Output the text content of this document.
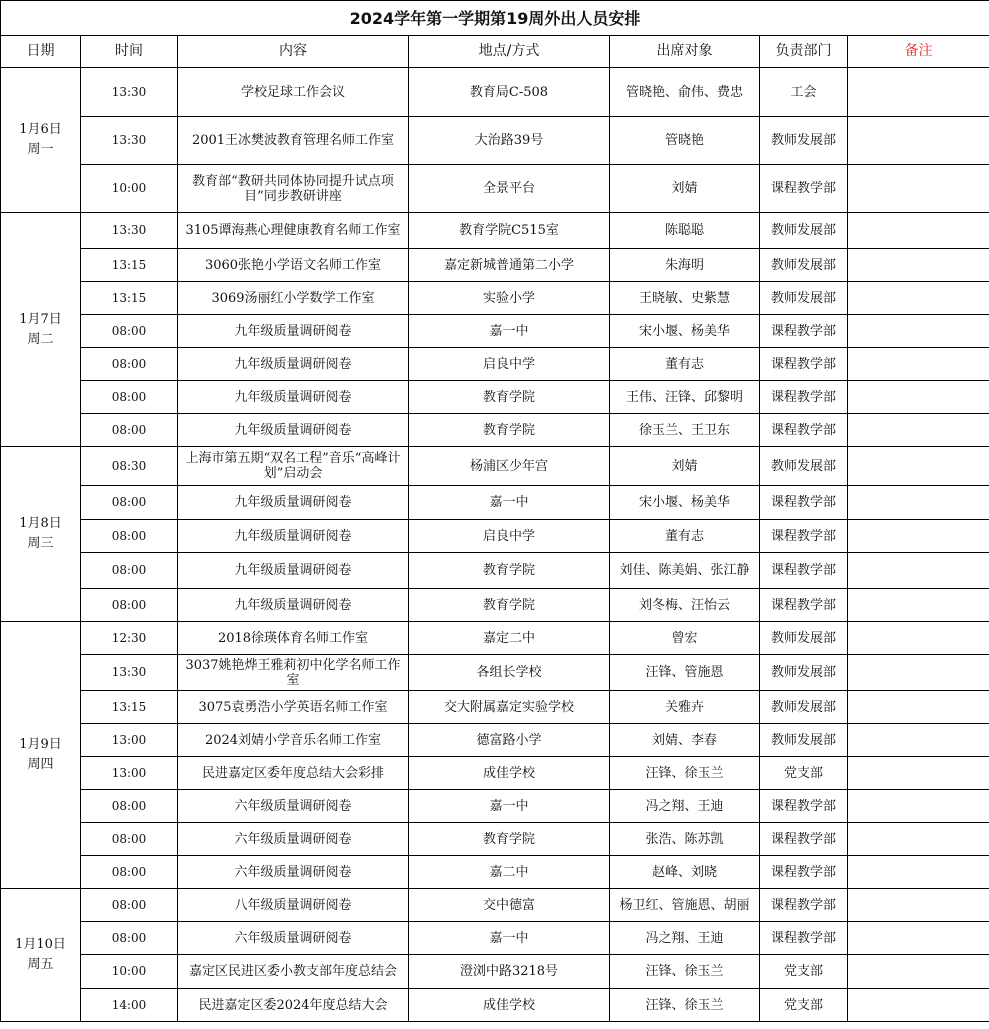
2024学年第一学期第19周外出人员安排						
日期	时间	内容	地点/方式	出席对象	负责部门	备注

1月6日
周一	13:30	学校足球工作会议	教育局C-508	管晓艳、俞伟、费忠	工会	
	13:30	2001王冰樊波教育管理名师工作室	大治路39号	管晓艳	教师发展部	
	10:00	教育部“教研共同体协同提升试点项目”同步教研讲座	全景平台	刘婧	课程教学部	

1月7日
周二	13:30	3105谭海燕心理健康教育名师工作室	教育学院C515室	陈聪聪	教师发展部	
	13:15	3060张艳小学语文名师工作室	嘉定新城普通第二小学	朱海明	教师发展部	
	13:15	3069汤丽红小学数学工作室	实验小学	王晓敏、史紫慧	教师发展部	
	08:00	九年级质量调研阅卷	嘉一中	宋小堰、杨美华	课程教学部	
	08:00	九年级质量调研阅卷	启良中学	董有志	课程教学部	
	08:00	九年级质量调研阅卷	教育学院	王伟、汪锋、邱黎明	课程教学部	
	08:00	九年级质量调研阅卷	教育学院	徐玉兰、王卫东	课程教学部	

1月8日
周三	08:30	上海市第五期“双名工程”音乐“高峰计划”启动会	杨浦区少年宫	刘婧	教师发展部	
	08:00	九年级质量调研阅卷	嘉一中	宋小堰、杨美华	课程教学部	
	08:00	九年级质量调研阅卷	启良中学	董有志	课程教学部	
	08:00	九年级质量调研阅卷	教育学院	刘佳、陈美娟、张江静	课程教学部	
	08:00	九年级质量调研阅卷	教育学院	刘冬梅、汪怡云	课程教学部	

1月9日
周四	12:30	2018徐瑛体育名师工作室	嘉定二中	曾宏	教师发展部	
	13:30	3037姚艳烨王雅莉初中化学名师工作室	各组长学校	汪锋、管施恩	教师发展部	
	13:15	3075袁勇浩小学英语名师工作室	交大附属嘉定实验学校	关雅卉	教师发展部	
	13:00	2024刘婧小学音乐名师工作室	德富路小学	刘婧、李春	教师发展部	
	13:00	民进嘉定区委年度总结大会彩排	成佳学校	汪锋、徐玉兰	党支部	
	08:00	六年级质量调研阅卷	嘉一中	冯之翔、王迪	课程教学部	
	08:00	六年级质量调研阅卷	教育学院	张浩、陈苏凯	课程教学部	
	08:00	六年级质量调研阅卷	嘉二中	赵峰、刘晓	课程教学部	

1月10日
周五	08:00	八年级质量调研阅卷	交中德富	杨卫红、管施恩、胡丽	课程教学部	
	08:00	六年级质量调研阅卷	嘉一中	冯之翔、王迪	课程教学部	
	10:00	嘉定区民进区委小教支部年度总结会	澄浏中路3218号	汪锋、徐玉兰	党支部	
	14:00	民进嘉定区委2024年度总结大会	成佳学校	汪锋、徐玉兰	党支部	
